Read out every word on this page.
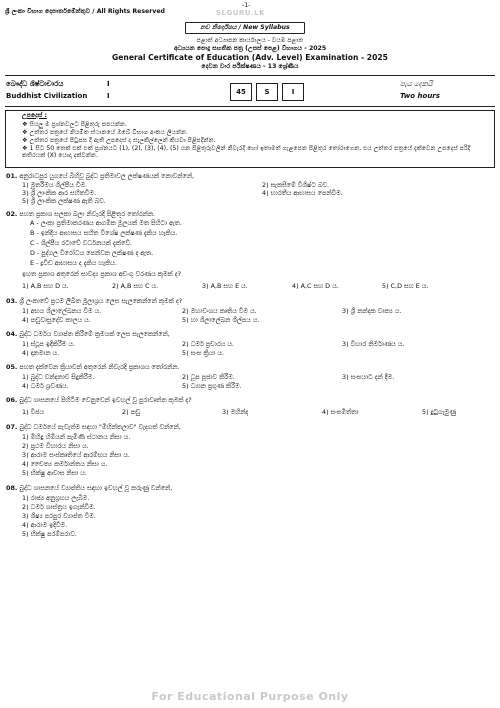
-1-
ශ්‍රී ලංකා විභාග දෙපාර්තමේන්තුව / All Rights Reserved	SLGURU.LK
නව නිර්දේශය / New Syllabus
පළාත් අධ්‍යාපන කාර්යාලය - වයඹ පළාත
අධ්‍යයන පොදු සහතික පත්‍ර (උසස් පෙළ) විභාගය - 2025
General Certificate of Education (Adv. Level) Examination - 2025
දෙවන වාර පරීක්ෂණය - 13 ශ්‍රේණිය
බෞද්ධ ශිෂ්ටාචාරය	I
Buddhist Civilization	I	45	S	I
පැය දෙකයි
Two hours
උපදෙස් :
❖ සියලු ම ප්‍රශ්නවලට පිළිතුරු සපයන්න.
❖ උත්තර පත්‍රයේ නියමිත ස්ථානයේ ඔබේ විභාග අංකය ලියන්න.
❖ උත්තර පත්‍රයේ පිටුපස දී ඇති උපදෙස් ද සැලකිල්ලෙන් කියවා පිළිපදින්න.
❖ 1 සිට 50 තෙක් එක් එක් ප්‍රශ්නයට (1), (2), (3), (4), (5) යන පිළිතුරුවලින් නිවැරදි හෝ ඉතාමත් ගැළපෙන පිළිතුර තෝරාගෙන, එය උත්තර පත්‍රයේ දැක්වෙන උපදෙස් පරිදි කතිරයක් (X) යොදා දක්වන්න.
01. අනුරාධපුර යුගයේ බිහිවූ බුද්ධ ප්‍රතිමාවල ලක්ෂණයක් නොවන්නේ,
1) මූර්තිමය ශිල්පීය වීම.	2) සැකසීමේ විශිෂ්ට බව.
3) ශ්‍රී ලාංකික ආර සහිතවීම.	4) භාරතීය ආභාසය පෙන්වීම.
5) ශ්‍රී ලාංකික ලක්ෂණ ඇති බව.
02. පහත ප්‍රකාශ සලකා බලා නිවැරදි පිළිතුර තෝරන්න.
A - ලංකා ප්‍රතිමාකරණය ආගමික මූලයක් මත පිහිටා ඇත.
B - ඉන්දීය ආභාසය සහිත විශේෂ ලක්ෂණ දැකිය හැකිය.
C - ශිල්පීය රටාවේ වර්ධනයක් දැක්වේ.
D - පුද්ගල විරෝධය පෙන්වන ලක්ෂණ ද ඇත.
E - ද්‍රවිඩ ආභාසය ද දැකිය හැකිය.
ඉහත ප්‍රකාශ අතුරෙන් සාවද්‍ය ප්‍රකාශ අඩංගු වරණය කුමක් ද?
1) A,B සහ D ය.	2) A,B සහ C ය.	3) A,B සහ E ය.	4) A,C සහ D ය.	5) C,D සහ E ය.
03. ශ්‍රී ලංකාවේ ප්‍රථම ලිඛිත මූලාශ්‍රය ලෙස සැලකෙන්නේ කුමක් ද?
1) අභය ශිලාලේඛනය වීම ය.	2) මහාවංශය කෘතිය වීම ය.	3) ශ්‍රී නන්දක වාක්‍ය ය.
4) පඬුවාසුදේව කාලය ය.	5) හා ශිලාලේඛන ශිල්පය ය.
04. බුද්ධ ධර්මය ව්‍යාප්ත කිරීමේ ක්‍රමයක් ලෙස සැලකෙන්නේ,
1) ස්ථූප ඉදිකිරීම ය.	2) ධර්ම ප්‍රචාරය ය.	3) විහාර නිර්මාණය ය.
4) දානමාන ය.	5) සංඝ ක්‍රියා ය.
05. පහත දැක්වෙන ක්‍රියාවන් අතුරෙන් නිවැරදි ප්‍රකාශය තෝරන්න.
1) බුද්ධ වන්දනාව සිදුකිරීම.	2) ධූප පූජාව කිරීම.	3) සංඝයාට දන් දීම.
4) ධර්ම ශ්‍රවණය.	5) ධ්‍යාන ප්‍රගුණ කිරීම.
06. බුද්ධ ශාසනයේ පිහිටීම වෙනුවෙන් ඉවහල් වූ පුරාවෘත්ත කුමක් ද?
1) විජය	2) පඬු	3) මහින්ද	4) සංඝමිත්තා	5) දුටුගැමුණු
07. බුද්ධ ධර්මයේ පැවැත්ම සඳහා "මිහින්තලාව" වැදගත් වන්නේ,
1) මිහිඳු හිමියන් පැමිණි ස්ථානය නිසා ය.
2) ප්‍රථම විහාරය නිසා ය.
3) ආරාම සංස්කෘතියේ ආරම්භය නිසා ය.
4) චෛත්‍ය කර්මාන්තය නිසා ය.
5) භික්ෂු ආවාස නිසා ය.
08. බුද්ධ ශාසනයේ ව්‍යාප්තිය සඳහා ඉවහල් වූ කරුණු වන්නේ,
1) රාජ්‍ය අනුග්‍රහය ලැබීම.
2) ධර්ම ශාස්ත්‍රය ඉගැන්වීම.
3) ශිෂ්‍ය පරපුර ව්‍යාප්ත වීම.
4) ආරාම ඉදිවීම.
5) භික්ෂු පරම්පරාව.
For Educational Purpose Only
